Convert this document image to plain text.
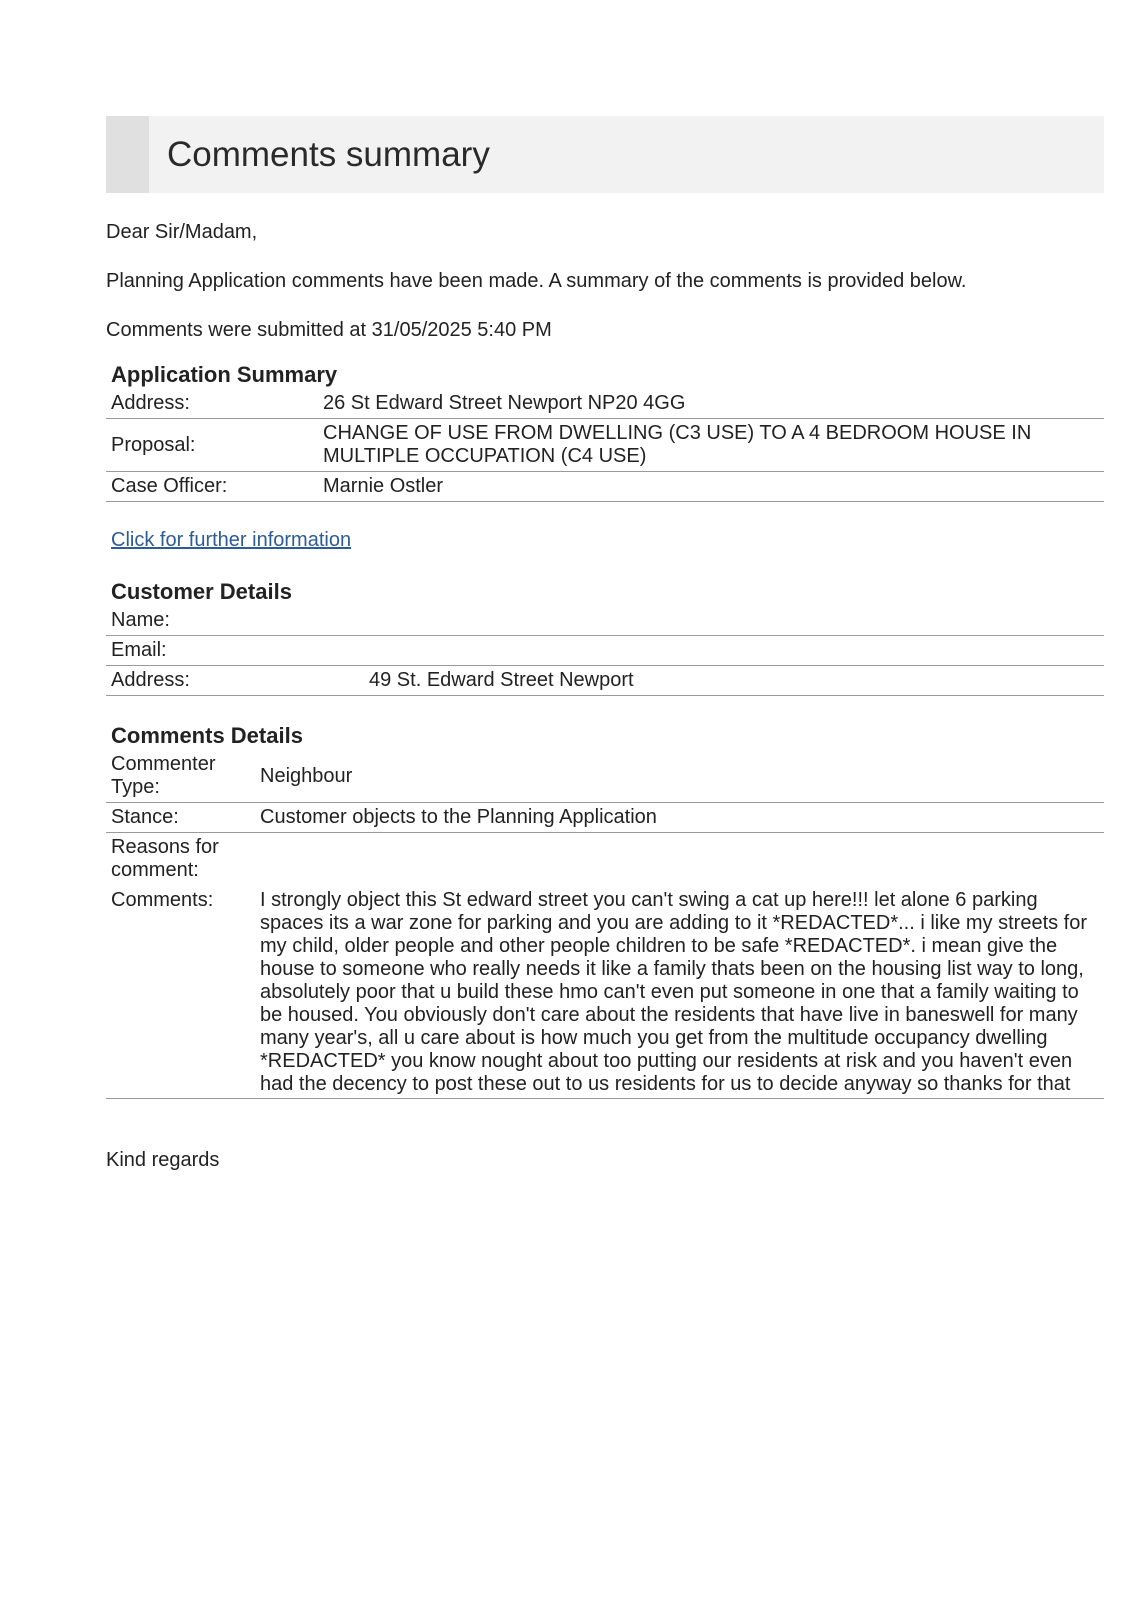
Comments summary

Dear Sir/Madam,

Planning Application comments have been made. A summary of the comments is provided below.

Comments were submitted at 31/05/2025 5:40 PM

Application Summary
Address:	26 St Edward Street Newport NP20 4GG
Proposal:	CHANGE OF USE FROM DWELLING (C3 USE) TO A 4 BEDROOM HOUSE IN MULTIPLE OCCUPATION (C4 USE)
Case Officer:	Marnie Ostler
Click for further information
Customer Details
Name:	
Email:	
Address:	49 St. Edward Street Newport
Comments Details
Commenter Type:	Neighbour
Stance:	Customer objects to the Planning Application
Reasons for comment:	
Comments:	I strongly object this St edward street you can't swing a cat up here!!! let alone 6 parking spaces its a war zone for parking and you are adding to it *REDACTED*... i like my streets for my child, older people and other people children to be safe *REDACTED*. i mean give the house to someone who really needs it like a family thats been on the housing list way to long, absolutely poor that u build these hmo can't even put someone in one that a family waiting to be housed. You obviously don't care about the residents that have live in baneswell for many many year's, all u care about is how much you get from the multitude occupancy dwelling *REDACTED* you know nought about too putting our residents at risk and you haven't even had the decency to post these out to us residents for us to decide anyway so thanks for that

Kind regards
